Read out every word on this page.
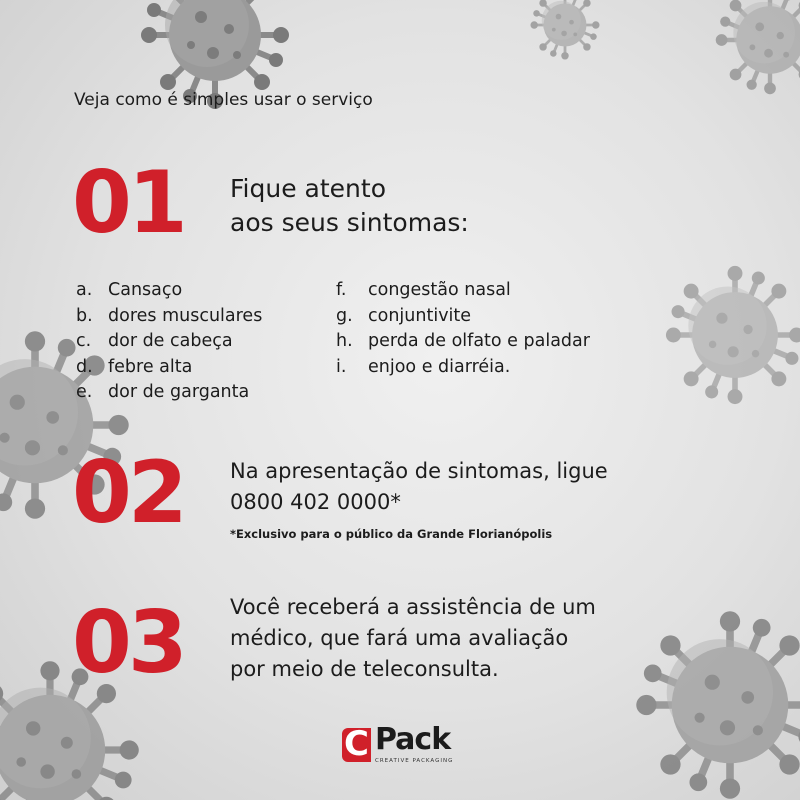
Veja como é simples usar o serviço
01 Fique atento
aos seus sintomas:
a. Cansaço
b. dores musculares
c. dor de cabeça
d. febre alta
e. dor de garganta
f. congestão nasal
g. conjuntivite
h. perda de olfato e paladar
i. enjoo e diarréia.
02 Na apresentação de sintomas, ligue
0800 402 0000*
*Exclusivo para o público da Grande Florianópolis
03 Você receberá a assistência de um
médico, que fará uma avaliação
por meio de teleconsulta.
C Pack
CREATIVE PACKAGING
